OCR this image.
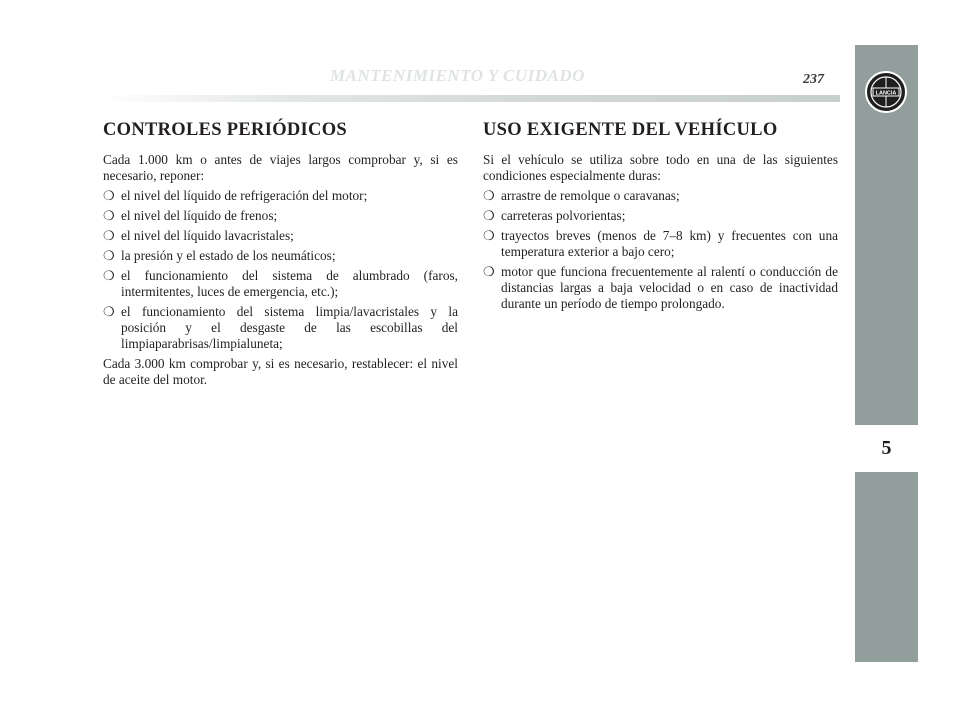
MANTENIMIENTO Y CUIDADO	237
LANCIA
5
CONTROLES PERIÓDICOS

Cada 1.000 km o antes de viajes largos comprobar y, si es necesario, reponer:

❍ el nivel del líquido de refrigeración del motor;
❍ el nivel del líquido de frenos;
❍ el nivel del líquido lavacristales;
❍ la presión y el estado de los neumáticos;
❍ el funcionamiento del sistema de alumbrado (faros, intermitentes, luces de emergencia, etc.);
❍ el funcionamiento del sistema limpia/lavacristales y la posición y el desgaste de las escobillas del limpiaparabrisas/limpialuneta;

Cada 3.000 km comprobar y, si es necesario, restablecer: el nivel de aceite del motor.

USO EXIGENTE DEL VEHÍCULO

Si el vehículo se utiliza sobre todo en una de las siguientes condiciones especialmente duras:

❍ arrastre de remolque o caravanas;
❍ carreteras polvorientas;
❍ trayectos breves (menos de 7–8 km) y frecuentes con una temperatura exterior a bajo cero;
❍ motor que funciona frecuentemente al ralentí o conducción de distancias largas a baja velocidad o en caso de inactividad durante un período de tiempo prolongado.
